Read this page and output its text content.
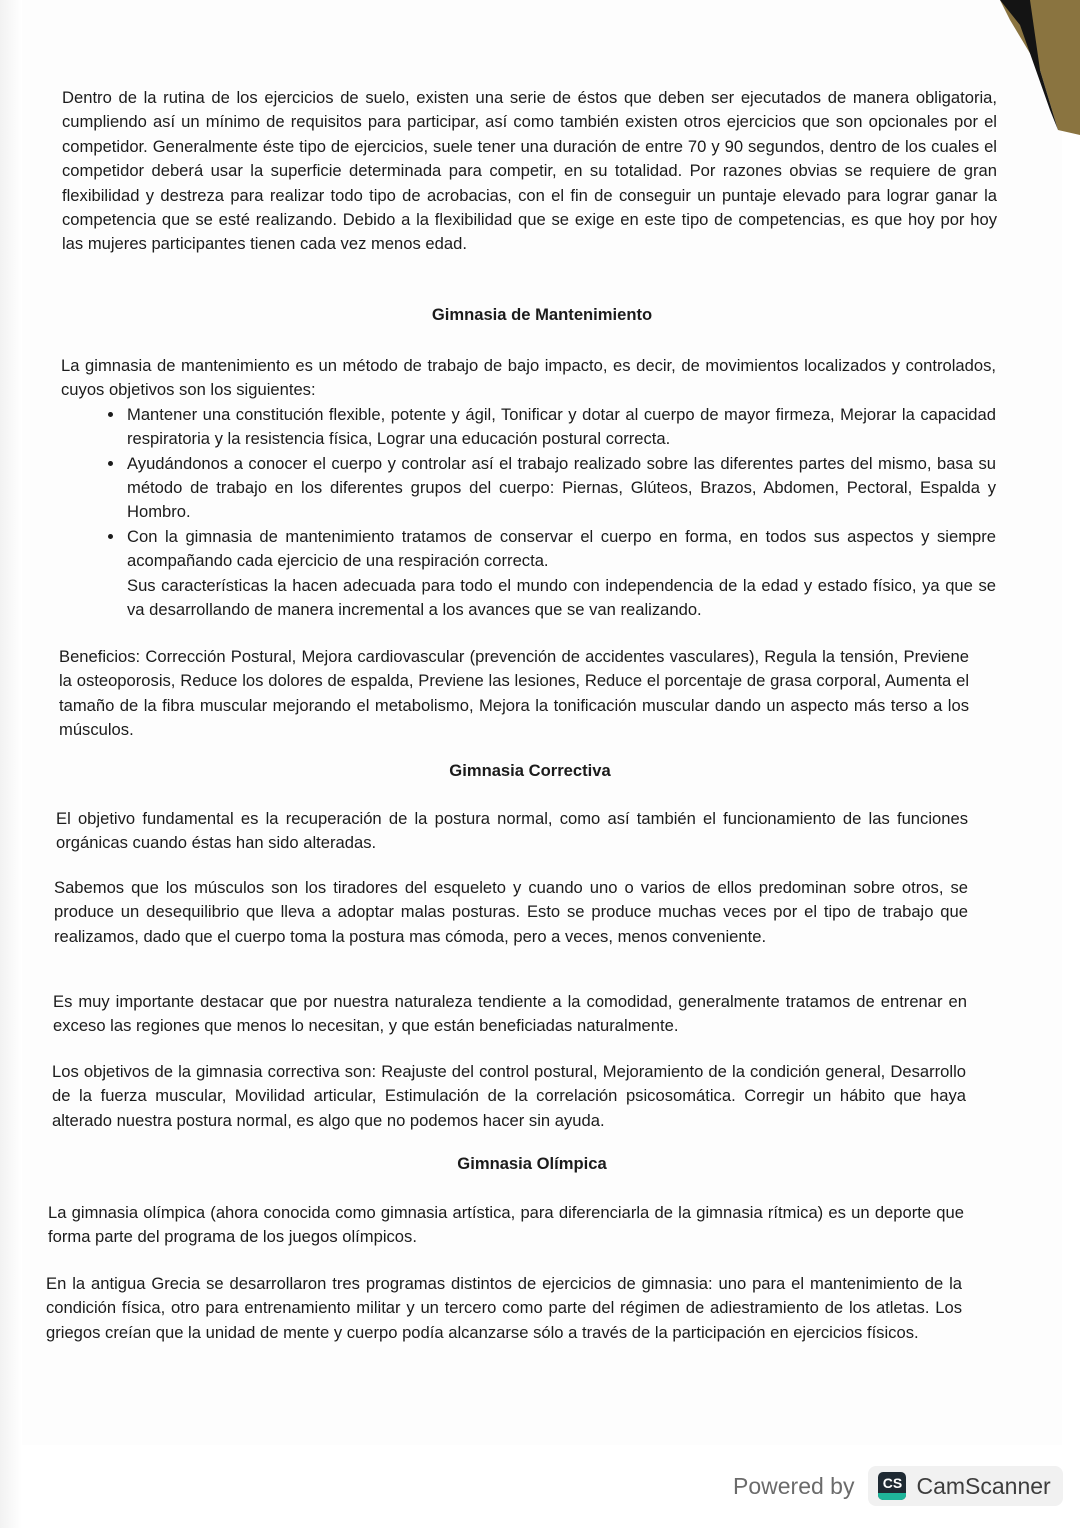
Dentro de la rutina de los ejercicios de suelo, existen una serie de éstos que deben ser ejecutados de manera obligatoria, cumpliendo así un mínimo de requisitos para participar, así como también existen otros ejercicios que son opcionales por el competidor. Generalmente éste tipo de ejercicios, suele tener una duración de entre 70 y 90 segundos, dentro de los cuales el competidor deberá usar la superficie determinada para competir, en su totalidad. Por razones obvias se requiere de gran flexibilidad y destreza para realizar todo tipo de acrobacias, con el fin de conseguir un puntaje elevado para lograr ganar la competencia que se esté realizando. Debido a la flexibilidad que se exige en este tipo de competencias, es que hoy por hoy las mujeres participantes tienen cada vez menos edad.
Gimnasia de Mantenimiento
La gimnasia de mantenimiento es un método de trabajo de bajo impacto, es decir, de movimientos localizados y controlados, cuyos objetivos son los siguientes:
• Mantener una constitución flexible, potente y ágil, Tonificar y dotar al cuerpo de mayor firmeza, Mejorar la capacidad respiratoria y la resistencia física, Lograr una educación postural correcta.
• Ayudándonos a conocer el cuerpo y controlar así el trabajo realizado sobre las diferentes partes del mismo, basa su método de trabajo en los diferentes grupos del cuerpo: Piernas, Glúteos, Brazos, Abdomen, Pectoral, Espalda y Hombro.
• Con la gimnasia de mantenimiento tratamos de conservar el cuerpo en forma, en todos sus aspectos y siempre acompañando cada ejercicio de una respiración correcta.
Sus características la hacen adecuada para todo el mundo con independencia de la edad y estado físico, ya que se va desarrollando de manera incremental a los avances que se van realizando.
Beneficios: Corrección Postural, Mejora cardiovascular (prevención de accidentes vasculares), Regula la tensión, Previene la osteoporosis, Reduce los dolores de espalda, Previene las lesiones, Reduce el porcentaje de grasa corporal, Aumenta el tamaño de la fibra muscular mejorando el metabolismo, Mejora la tonificación muscular dando un aspecto más terso a los músculos.
Gimnasia Correctiva
El objetivo fundamental es la recuperación de la postura normal, como así también el funcionamiento de las funciones orgánicas cuando éstas han sido alteradas.
Sabemos que los músculos son los tiradores del esqueleto y cuando uno o varios de ellos predominan sobre otros, se produce un desequilibrio que lleva a adoptar malas posturas. Esto se produce muchas veces por el tipo de trabajo que realizamos, dado que el cuerpo toma la postura mas cómoda, pero a veces, menos conveniente.
Es muy importante destacar que por nuestra naturaleza tendiente a la comodidad, generalmente tratamos de entrenar en exceso las regiones que menos lo necesitan, y que están beneficiadas naturalmente.
Los objetivos de la gimnasia correctiva son: Reajuste del control postural, Mejoramiento de la condición general, Desarrollo de la fuerza muscular, Movilidad articular, Estimulación de la correlación psicosomática. Corregir un hábito que haya alterado nuestra postura normal, es algo que no podemos hacer sin ayuda.
Gimnasia Olímpica
La gimnasia olímpica (ahora conocida como gimnasia artística, para diferenciarla de la gimnasia rítmica) es un deporte que forma parte del programa de los juegos olímpicos.
En la antigua Grecia se desarrollaron tres programas distintos de ejercicios de gimnasia: uno para el mantenimiento de la condición física, otro para entrenamiento militar y un tercero como parte del régimen de adiestramiento de los atletas. Los griegos creían que la unidad de mente y cuerpo podía alcanzarse sólo a través de la participación en ejercicios físicos.
Powered by	CS CamScanner
